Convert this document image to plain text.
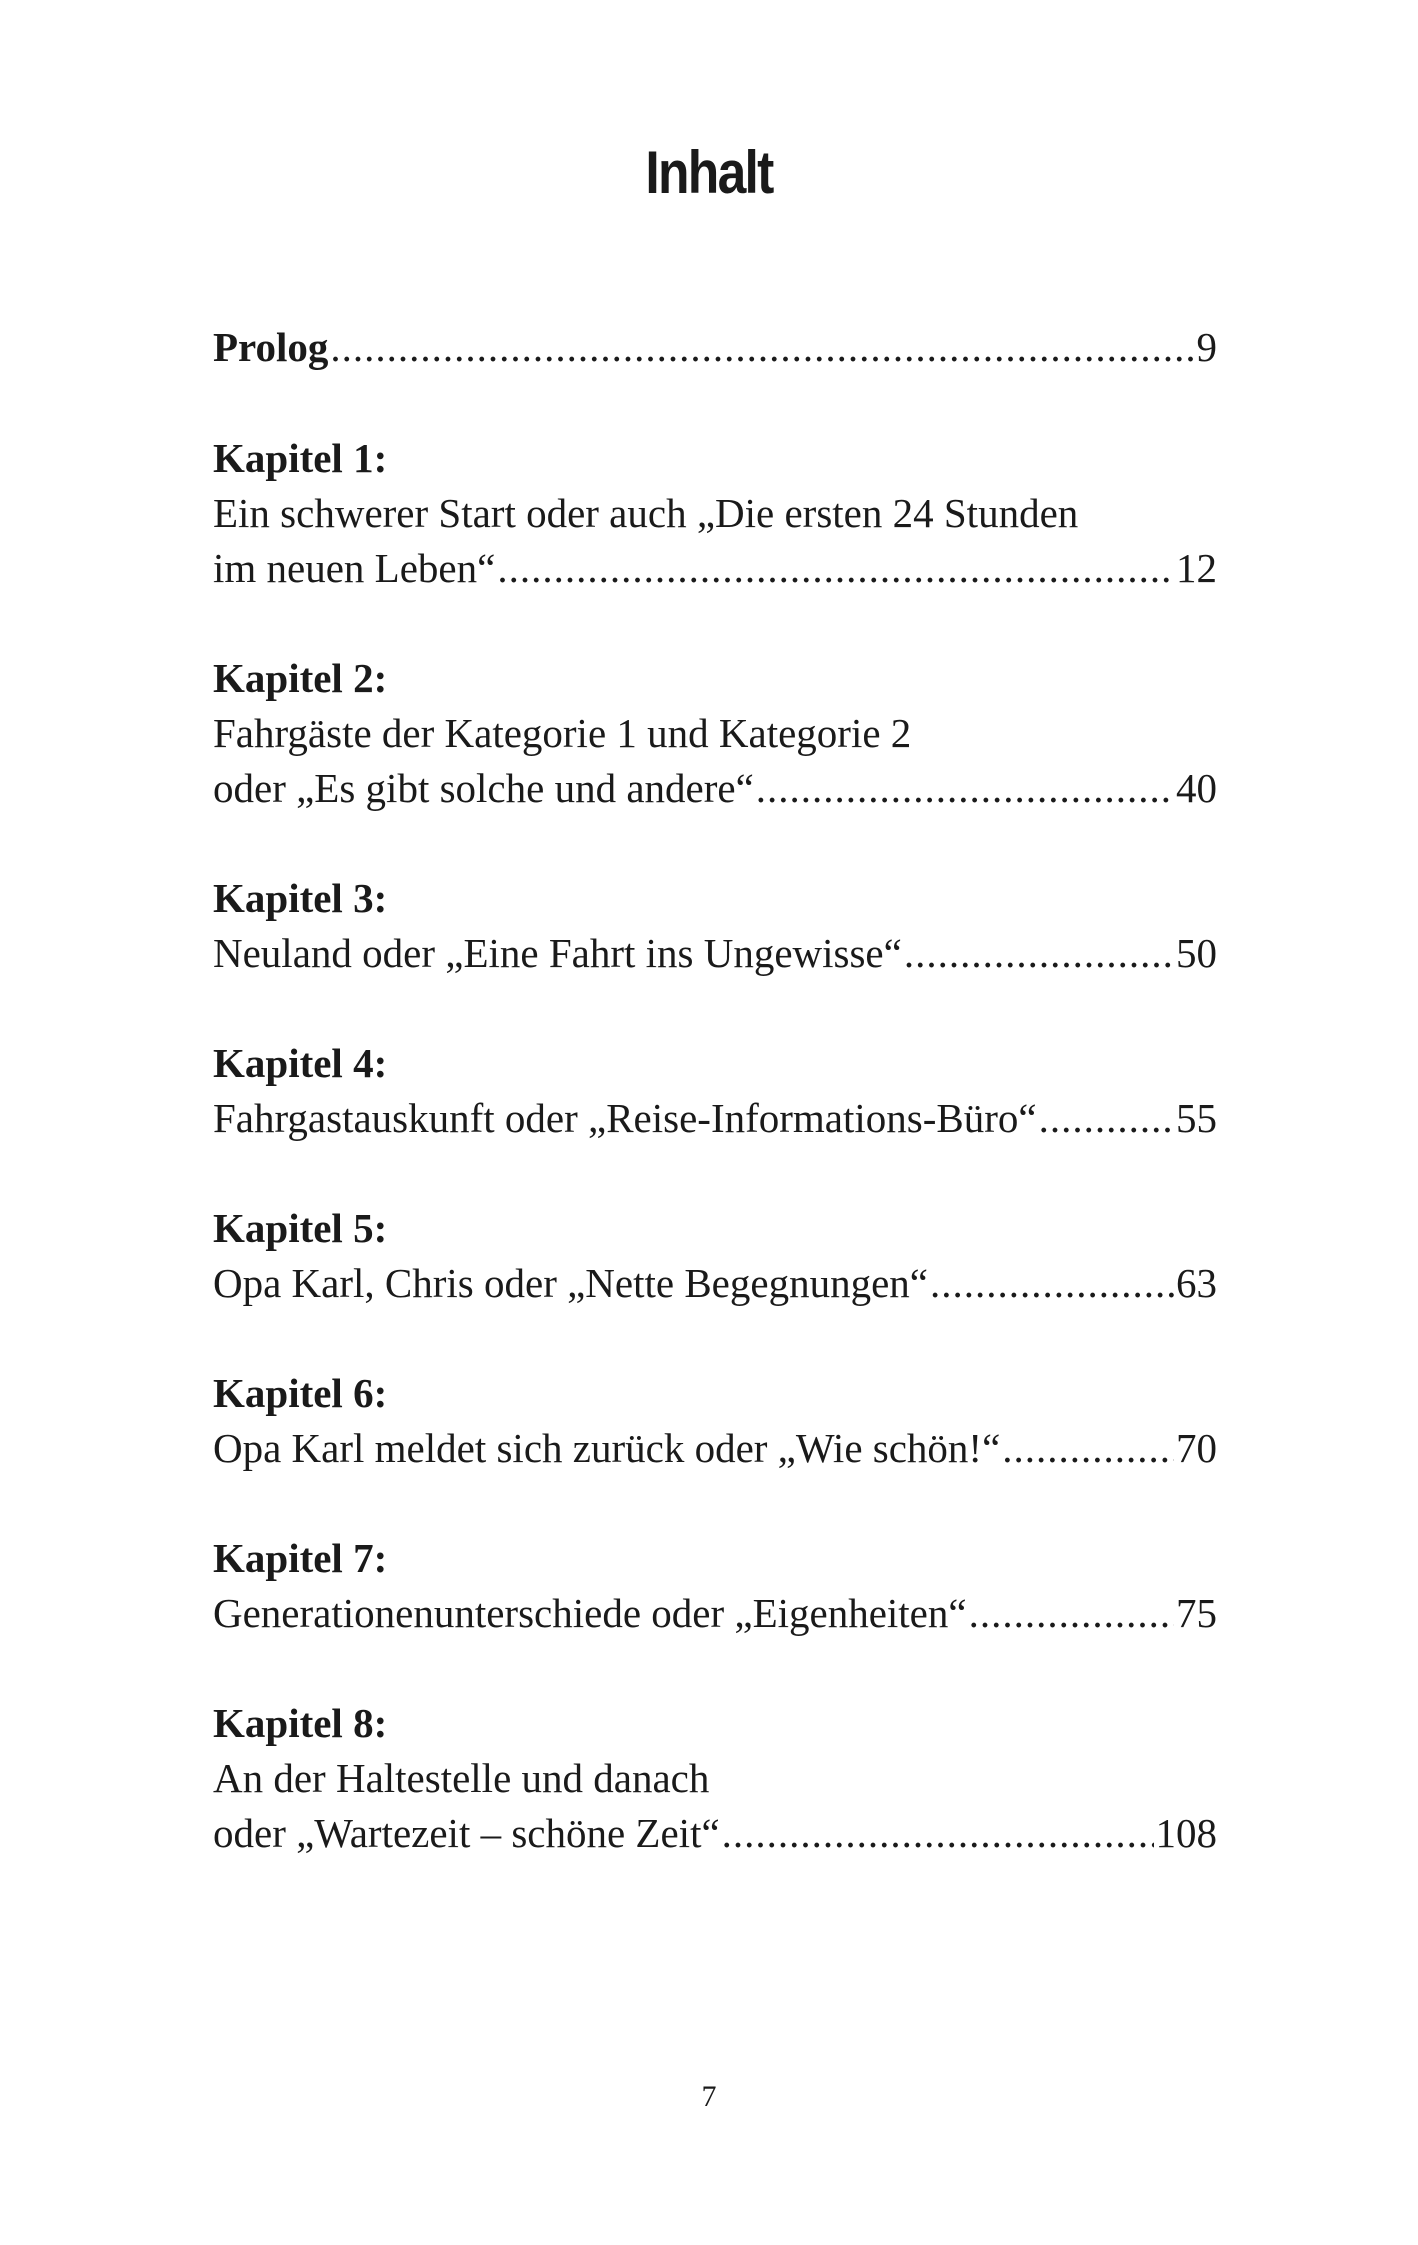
Inhalt
Prolog .....	9
Kapitel 1:
Ein schwerer Start oder auch „Die ersten 24 Stunden
im neuen Leben“ .....	12
Kapitel 2:
Fahrgäste der Kategorie 1 und Kategorie 2
oder „Es gibt solche und andere“ .....	40
Kapitel 3:
Neuland oder „Eine Fahrt ins Ungewisse“ .....	50
Kapitel 4:
Fahrgastauskunft oder „Reise-Informations-Büro“ .....	55
Kapitel 5:
Opa Karl, Chris oder „Nette Begegnungen“ .....	63
Kapitel 6:
Opa Karl meldet sich zurück oder „Wie schön!“ .....	70
Kapitel 7:
Generationenunterschiede oder „Eigenheiten“ .....	75
Kapitel 8:
An der Haltestelle und danach
oder „Wartezeit – schöne Zeit“ .....	108
7
